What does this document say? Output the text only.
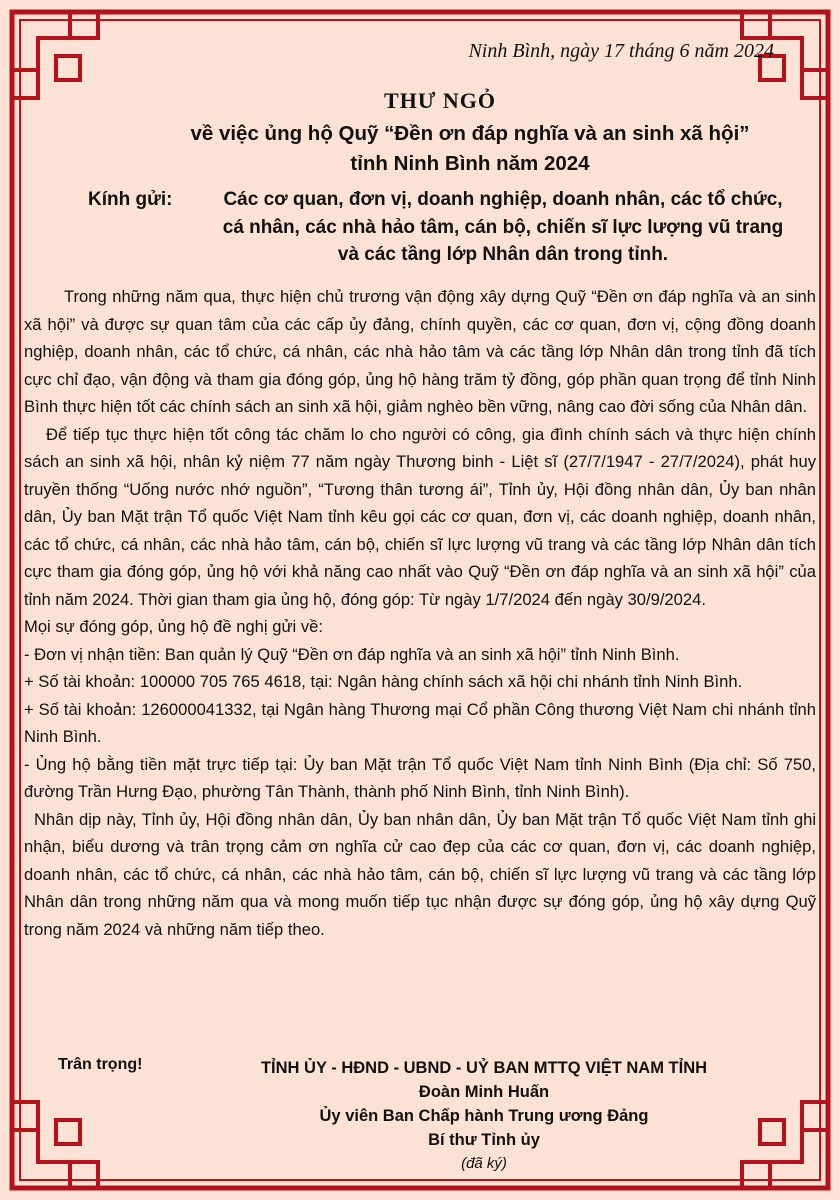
Ninh Bình, ngày 17 tháng 6 năm 2024

THƯ NGỎ

về việc ủng hộ Quỹ “Đền ơn đáp nghĩa và an sinh xã hội”
tỉnh Ninh Bình năm 2024
Kính gửi:	Các cơ quan, đơn vị, doanh nghiệp, doanh nhân, các tổ chức,
cá nhân, các nhà hảo tâm, cán bộ, chiến sĩ lực lượng vũ trang
và các tầng lớp Nhân dân trong tỉnh.

Trong những năm qua, thực hiện chủ trương vận động xây dựng Quỹ “Đền ơn đáp nghĩa và an sinh xã hội” và được sự quan tâm của các cấp ủy đảng, chính quyền, các cơ quan, đơn vị, cộng đồng doanh nghiệp, doanh nhân, các tổ chức, cá nhân, các nhà hảo tâm và các tầng lớp Nhân dân trong tỉnh đã tích cực chỉ đạo, vận động và tham gia đóng góp, ủng hộ hàng trăm tỷ đồng, góp phần quan trọng để tỉnh Ninh Bình thực hiện tốt các chính sách an sinh xã hội, giảm nghèo bền vững, nâng cao đời sống của Nhân dân.

Để tiếp tục thực hiện tốt công tác chăm lo cho người có công, gia đình chính sách và thực hiện chính sách an sinh xã hội, nhân kỷ niệm 77 năm ngày Thương binh - Liệt sĩ (27/7/1947 - 27/7/2024), phát huy truyền thống “Uống nước nhớ nguồn”, “Tương thân tương ái”, Tỉnh ủy, Hội đồng nhân dân, Ủy ban nhân dân, Ủy ban Mặt trận Tổ quốc Việt Nam tỉnh kêu gọi các cơ quan, đơn vị, các doanh nghiệp, doanh nhân, các tổ chức, cá nhân, các nhà hảo tâm, cán bộ, chiến sĩ lực lượng vũ trang và các tầng lớp Nhân dân tích cực tham gia đóng góp, ủng hộ với khả năng cao nhất vào Quỹ “Đền ơn đáp nghĩa và an sinh xã hội” của tỉnh năm 2024. Thời gian tham gia ủng hộ, đóng góp: Từ ngày 1/7/2024 đến ngày 30/9/2024.

Mọi sự đóng góp, ủng hộ đề nghị gửi về:

- Đơn vị nhận tiền: Ban quản lý Quỹ “Đền ơn đáp nghĩa và an sinh xã hội” tỉnh Ninh Bình.

+ Số tài khoản: 100000 705 765 4618, tại: Ngân hàng chính sách xã hội chi nhánh tỉnh Ninh Bình.

+ Số tài khoản: 126000041332, tại Ngân hàng Thương mại Cổ phần Công thương Việt Nam chi nhánh tỉnh Ninh Bình.

- Ủng hộ bằng tiền mặt trực tiếp tại: Ủy ban Mặt trận Tổ quốc Việt Nam tỉnh Ninh Bình (Địa chỉ: Số 750, đường Trần Hưng Đạo, phường Tân Thành, thành phố Ninh Bình, tỉnh Ninh Bình).

Nhân dịp này, Tỉnh ủy, Hội đồng nhân dân, Ủy ban nhân dân, Ủy ban Mặt trận Tổ quốc Việt Nam tỉnh ghi nhận, biểu dương và trân trọng cảm ơn nghĩa cử cao đẹp của các cơ quan, đơn vị, các doanh nghiệp, doanh nhân, các tổ chức, cá nhân, các nhà hảo tâm, cán bộ, chiến sĩ lực lượng vũ trang và các tầng lớp Nhân dân trong những năm qua và mong muốn tiếp tục nhận được sự đóng góp, ủng hộ xây dựng Quỹ trong năm 2024 và những năm tiếp theo.

Trân trọng!	TỈNH ỦY - HĐND - UBND - UỶ BAN MTTQ VIỆT NAM TỈNH
Đoàn Minh Huấn
Ủy viên Ban Chấp hành Trung ương Đảng
Bí thư Tỉnh ủy
(đã ký)
